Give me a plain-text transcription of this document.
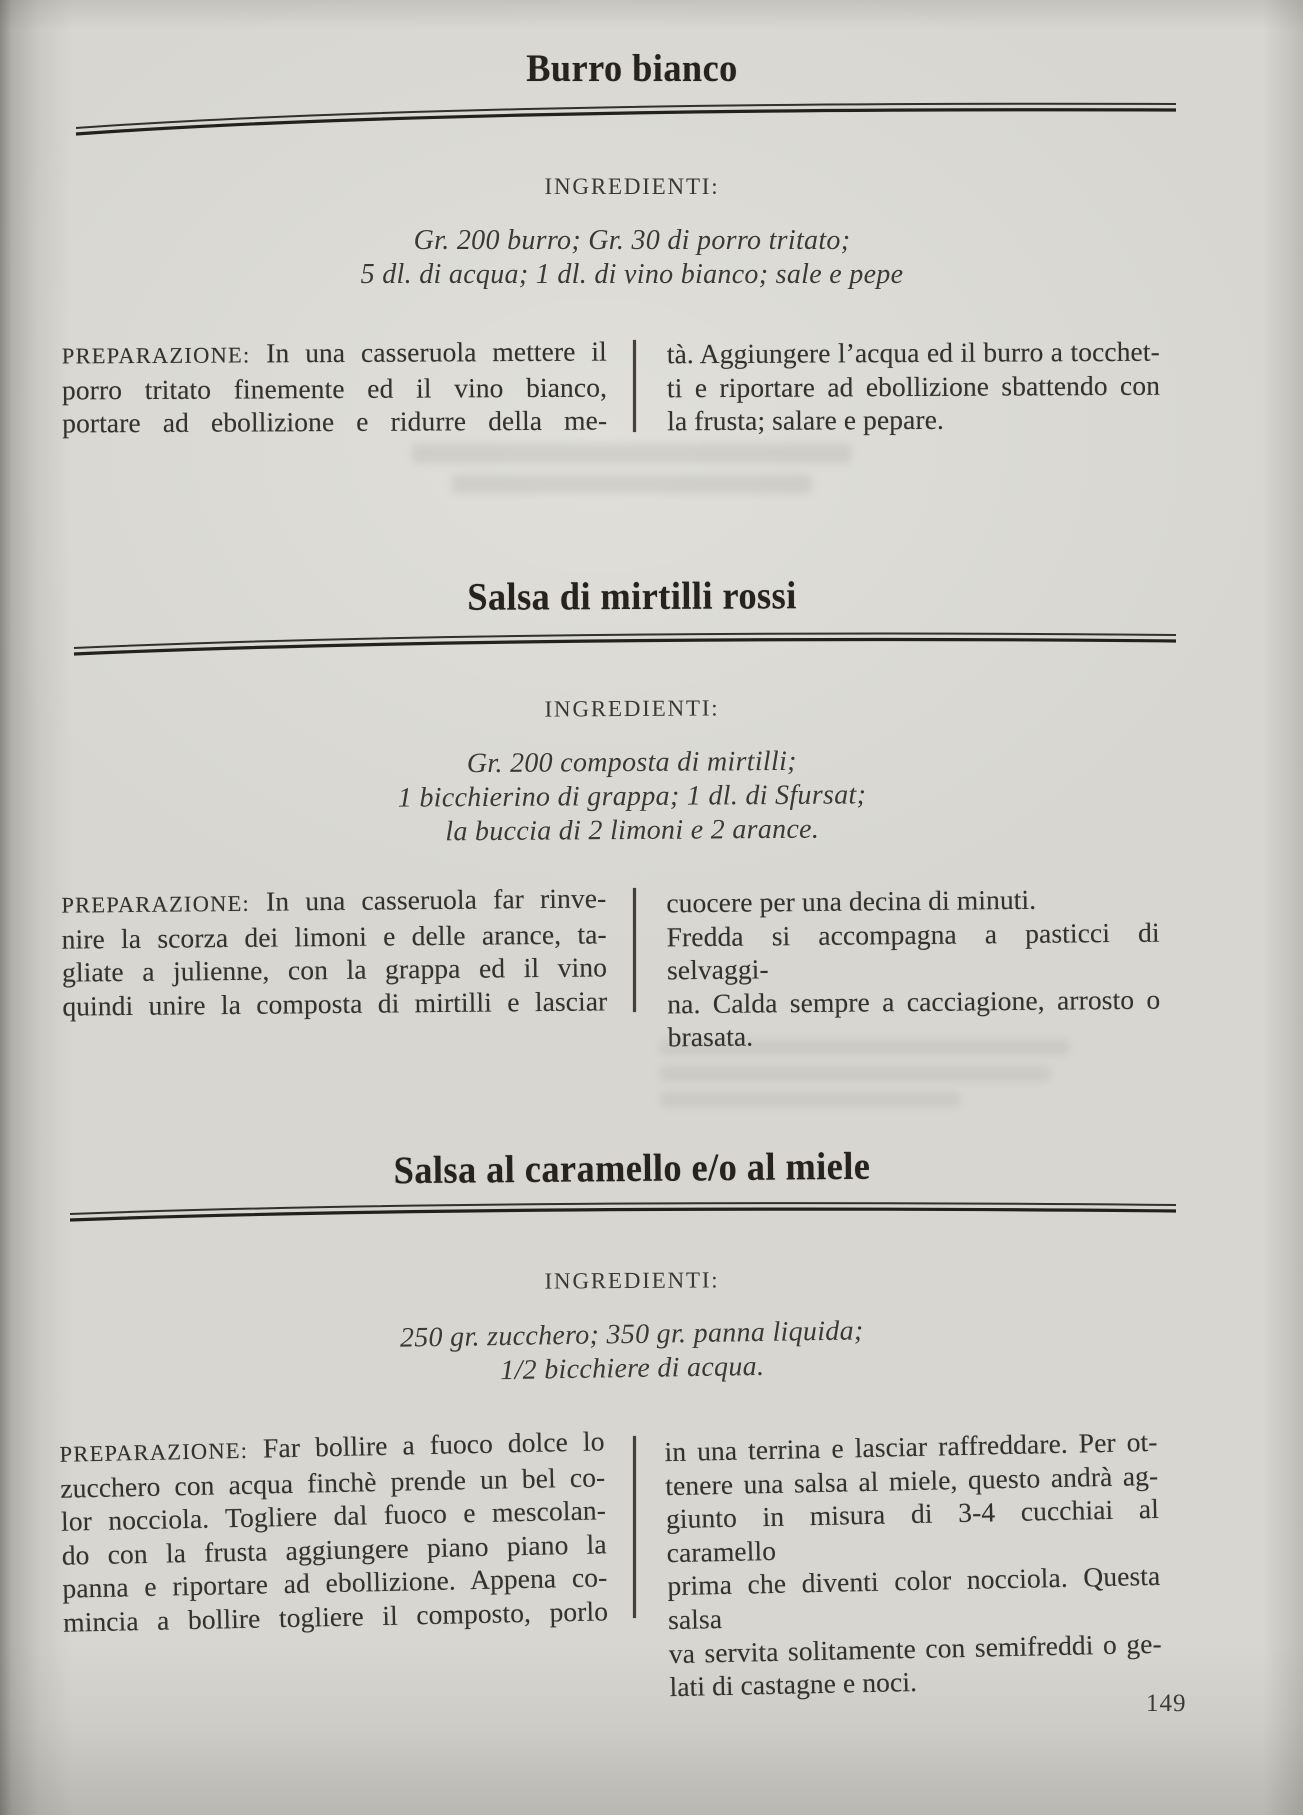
Burro bianco
INGREDIENTI:
Gr. 200 burro; Gr. 30 di porro tritato;
5 dl. di acqua; 1 dl. di vino bianco; sale e pepe
PREPARAZIONE: In una casseruola mettere il
porro tritato finemente ed il vino bianco,
portare ad ebollizione e ridurre della me-
tà. Aggiungere l’acqua ed il burro a tocchet-
ti e riportare ad ebollizione sbattendo con
la frusta; salare e pepare.
Salsa di mirtilli rossi
INGREDIENTI:
Gr. 200 composta di mirtilli;
1 bicchierino di grappa; 1 dl. di Sfursat;
la buccia di 2 limoni e 2 arance.
PREPARAZIONE: In una casseruola far rinve-
nire la scorza dei limoni e delle arance, ta-
gliate a julienne, con la grappa ed il vino
quindi unire la composta di mirtilli e lasciar
cuocere per una decina di minuti.
Fredda si accompagna a pasticci di selvaggi-
na. Calda sempre a cacciagione, arrosto o
brasata.
Salsa al caramello e/o al miele
INGREDIENTI:
250 gr. zucchero; 350 gr. panna liquida;
1/2 bicchiere di acqua.
PREPARAZIONE: Far bollire a fuoco dolce lo
zucchero con acqua finchè prende un bel co-
lor nocciola. Togliere dal fuoco e mescolan-
do con la frusta aggiungere piano piano la
panna e riportare ad ebollizione. Appena co-
mincia a bollire togliere il composto, porlo
in una terrina e lasciar raffreddare. Per ot-
tenere una salsa al miele, questo andrà ag-
giunto in misura di 3-4 cucchiai al caramello
prima che diventi color nocciola. Questa salsa
va servita solitamente con semifreddi o ge-
lati di castagne e noci.
149
